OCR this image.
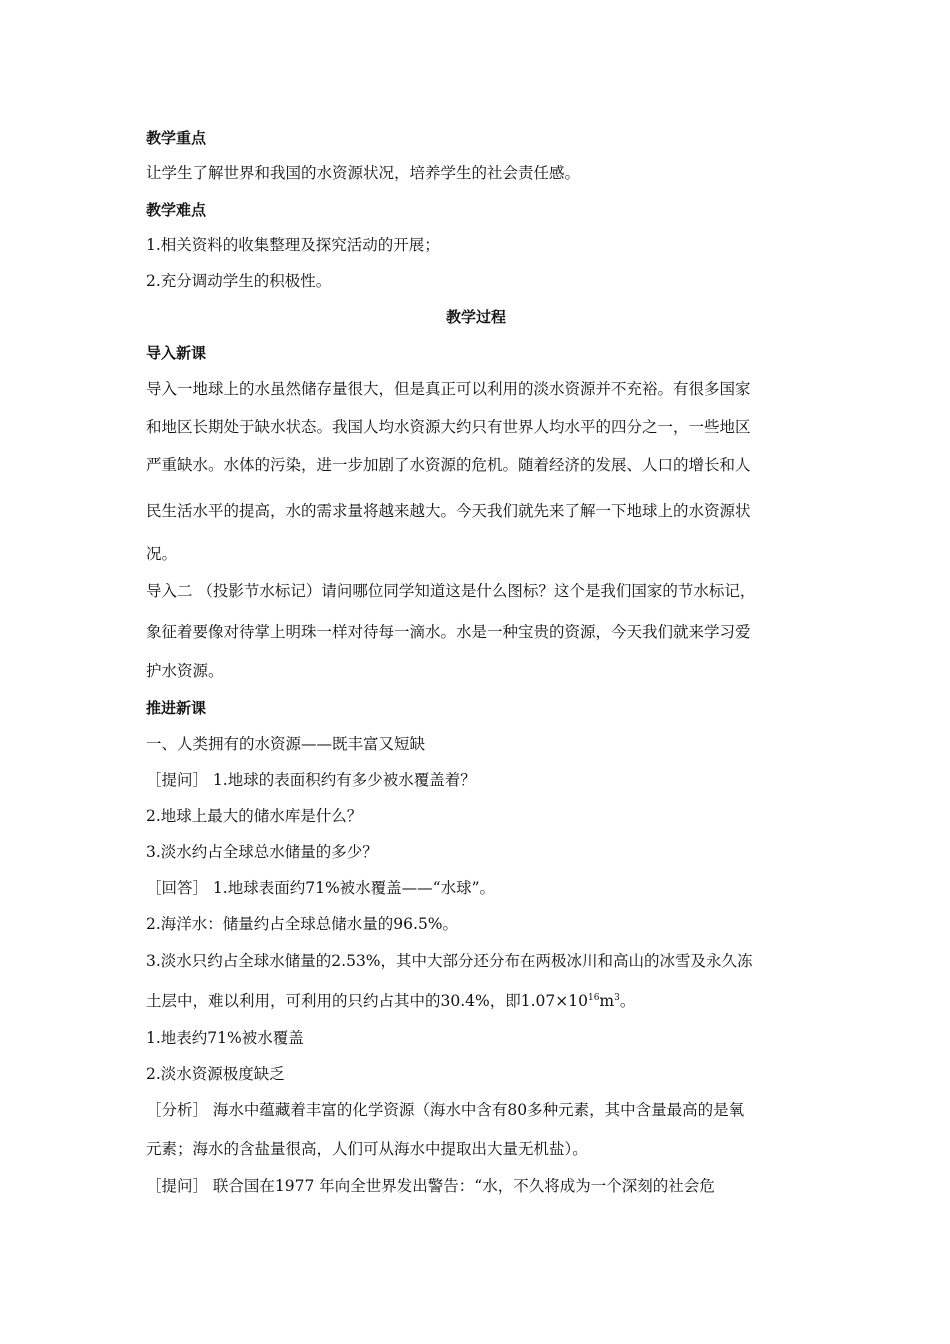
教学重点
让学生了解世界和我国的水资源状况，培养学生的社会责任感。
教学难点
1.相关资料的收集整理及探究活动的开展；
2.充分调动学生的积极性。
教学过程
导入新课
导入一地球上的水虽然储存量很大，但是真正可以利用的淡水资源并不充裕。有很多国家
和地区长期处于缺水状态。我国人均水资源大约只有世界人均水平的四分之一，一些地区
严重缺水。水体的污染，进一步加剧了水资源的危机。随着经济的发展、人口的增长和人
民生活水平的提高，水的需求量将越来越大。今天我们就先来了解一下地球上的水资源状
况。
导入二 （投影节水标记）请问哪位同学知道这是什么图标？这个是我们国家的节水标记，
象征着要像对待掌上明珠一样对待每一滴水。水是一种宝贵的资源，今天我们就来学习爱
护水资源。
推进新课
一、人类拥有的水资源——既丰富又短缺
［提问］ 1.地球的表面积约有多少被水覆盖着？
2.地球上最大的储水库是什么？
3.淡水约占全球总水储量的多少？
［回答］ 1.地球表面约71%被水覆盖——“水球”。
2.海洋水：储量约占全球总储水量的96.5%。
3.淡水只约占全球水储量的2.53%，其中大部分还分布在两极冰川和高山的冰雪及永久冻
土层中，难以利用，可利用的只约占其中的30.4%，即$1.07\times 10^{16}m^3$。
1.地表约71%被水覆盖
2.淡水资源极度缺乏
［分析］ 海水中蕴藏着丰富的化学资源（海水中含有80多种元素，其中含量最高的是氧
元素；海水的含盐量很高，人们可从海水中提取出大量无机盐）。
［提问］ 联合国在1977 年向全世界发出警告：“水，不久将成为一个深刻的社会危
